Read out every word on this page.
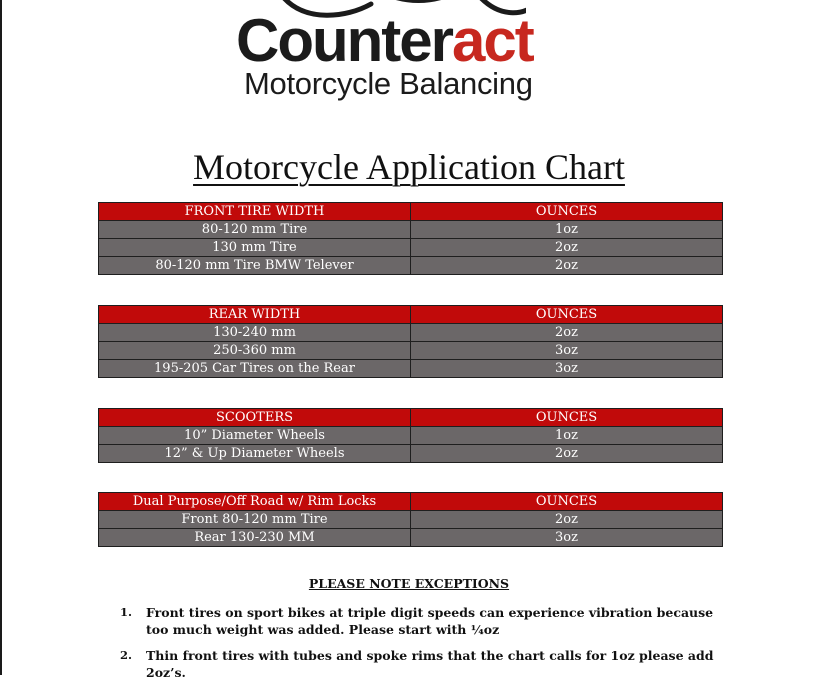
Counteract
Motorcycle Balancing
Motorcycle Application Chart
FRONT TIRE WIDTH	OUNCES
80-120 mm Tire	1oz
130 mm Tire	2oz
80-120 mm Tire BMW Telever	2oz
REAR WIDTH	OUNCES
130-240 mm	2oz
250-360 mm	3oz
195-205 Car Tires on the Rear	3oz
SCOOTERS	OUNCES
10” Diameter Wheels	1oz
12” & Up Diameter Wheels	2oz
Dual Purpose/Off Road w/ Rim Locks	OUNCES
Front 80-120 mm Tire	2oz
Rear 130-230 MM	3oz
PLEASE NOTE EXCEPTIONS
1. Front tires on sport bikes at triple digit speeds can experience vibration because too much weight was added. Please start with ¼oz
2. Thin front tires with tubes and spoke rims that the chart calls for 1oz please add 2oz’s.
